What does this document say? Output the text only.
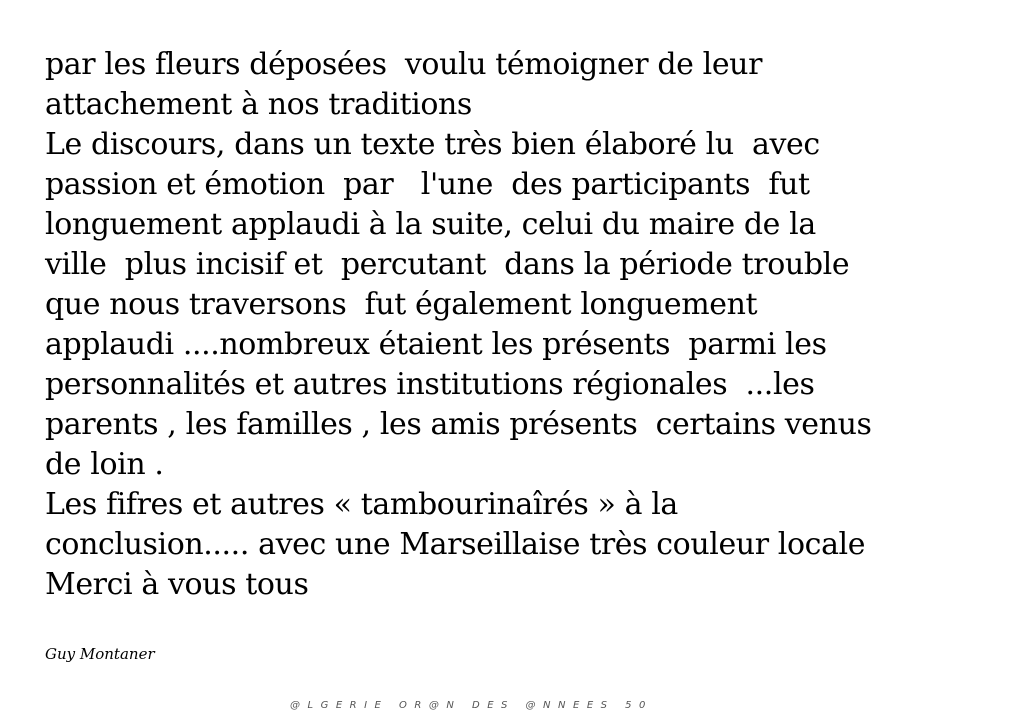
par les fleurs déposées  voulu témoigner de leur
attachement à nos traditions
Le discours, dans un texte très bien élaboré lu  avec
passion et émotion  par   l'une  des participants  fut
longuement applaudi à la suite, celui du maire de la
ville  plus incisif et  percutant  dans la période trouble
que nous traversons  fut également longuement
applaudi ....nombreux étaient les présents  parmi les
personnalités et autres institutions régionales  ...les
parents , les familles , les amis présents  certains venus
de loin .
Les fifres et autres « tambourinaîrés » à la
conclusion..... avec une Marseillaise très couleur locale
Merci à vous tous
Guy Montaner
@LGERIE OR@N DES @NNEES 50
